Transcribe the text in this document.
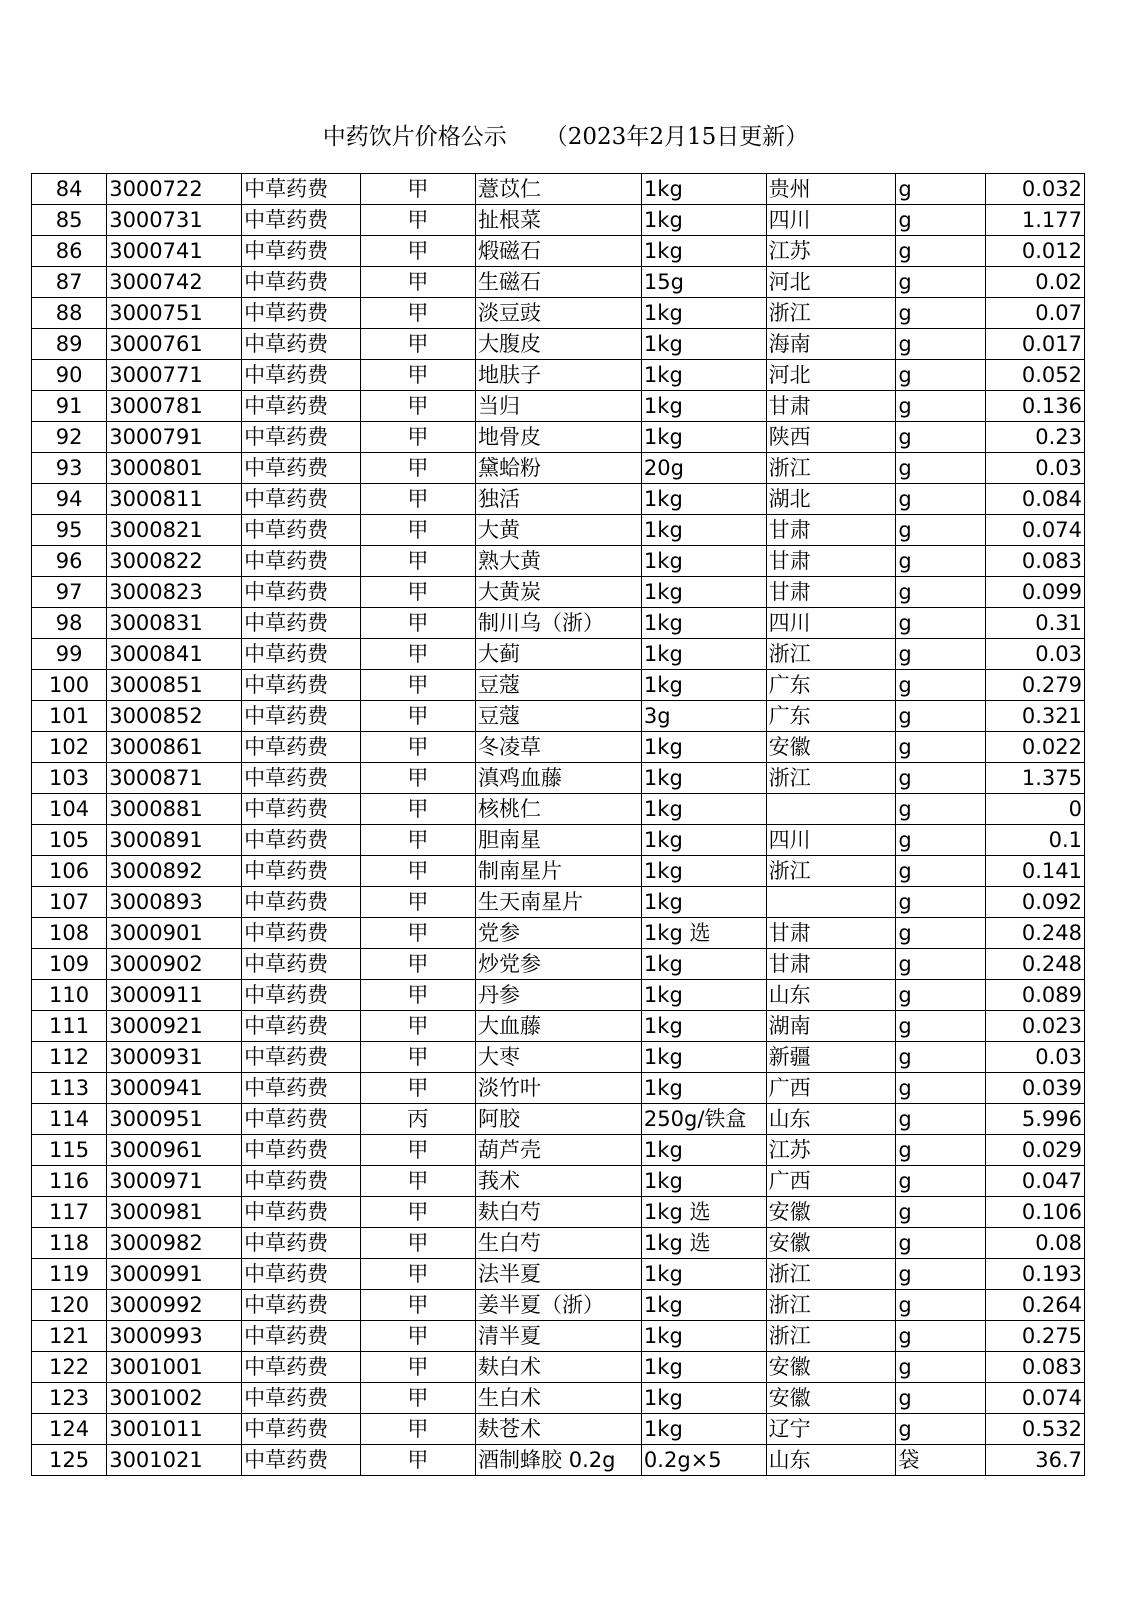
中药饮片价格公示 （2023年2月15日更新）
84	3000722	中草药费	甲	薏苡仁	1kg	贵州	g	0.032
85	3000731	中草药费	甲	扯根菜	1kg	四川	g	1.177
86	3000741	中草药费	甲	煅磁石	1kg	江苏	g	0.012
87	3000742	中草药费	甲	生磁石	15g	河北	g	0.02
88	3000751	中草药费	甲	淡豆豉	1kg	浙江	g	0.07
89	3000761	中草药费	甲	大腹皮	1kg	海南	g	0.017
90	3000771	中草药费	甲	地肤子	1kg	河北	g	0.052
91	3000781	中草药费	甲	当归	1kg	甘肃	g	0.136
92	3000791	中草药费	甲	地骨皮	1kg	陕西	g	0.23
93	3000801	中草药费	甲	黛蛤粉	20g	浙江	g	0.03
94	3000811	中草药费	甲	独活	1kg	湖北	g	0.084
95	3000821	中草药费	甲	大黄	1kg	甘肃	g	0.074
96	3000822	中草药费	甲	熟大黄	1kg	甘肃	g	0.083
97	3000823	中草药费	甲	大黄炭	1kg	甘肃	g	0.099
98	3000831	中草药费	甲	制川乌（浙）	1kg	四川	g	0.31
99	3000841	中草药费	甲	大蓟	1kg	浙江	g	0.03
100	3000851	中草药费	甲	豆蔻	1kg	广东	g	0.279
101	3000852	中草药费	甲	豆蔻	3g	广东	g	0.321
102	3000861	中草药费	甲	冬凌草	1kg	安徽	g	0.022
103	3000871	中草药费	甲	滇鸡血藤	1kg	浙江	g	1.375
104	3000881	中草药费	甲	核桃仁	1kg		g	0
105	3000891	中草药费	甲	胆南星	1kg	四川	g	0.1
106	3000892	中草药费	甲	制南星片	1kg	浙江	g	0.141
107	3000893	中草药费	甲	生天南星片	1kg		g	0.092
108	3000901	中草药费	甲	党参	1kg 选	甘肃	g	0.248
109	3000902	中草药费	甲	炒党参	1kg	甘肃	g	0.248
110	3000911	中草药费	甲	丹参	1kg	山东	g	0.089
111	3000921	中草药费	甲	大血藤	1kg	湖南	g	0.023
112	3000931	中草药费	甲	大枣	1kg	新疆	g	0.03
113	3000941	中草药费	甲	淡竹叶	1kg	广西	g	0.039
114	3000951	中草药费	丙	阿胶	250g/铁盒	山东	g	5.996
115	3000961	中草药费	甲	葫芦壳	1kg	江苏	g	0.029
116	3000971	中草药费	甲	莪术	1kg	广西	g	0.047
117	3000981	中草药费	甲	麸白芍	1kg 选	安徽	g	0.106
118	3000982	中草药费	甲	生白芍	1kg 选	安徽	g	0.08
119	3000991	中草药费	甲	法半夏	1kg	浙江	g	0.193
120	3000992	中草药费	甲	姜半夏（浙）	1kg	浙江	g	0.264
121	3000993	中草药费	甲	清半夏	1kg	浙江	g	0.275
122	3001001	中草药费	甲	麸白术	1kg	安徽	g	0.083
123	3001002	中草药费	甲	生白术	1kg	安徽	g	0.074
124	3001011	中草药费	甲	麸苍术	1kg	辽宁	g	0.532
125	3001021	中草药费	甲	酒制蜂胶 0.2g	0.2g×5	山东	袋	36.7
